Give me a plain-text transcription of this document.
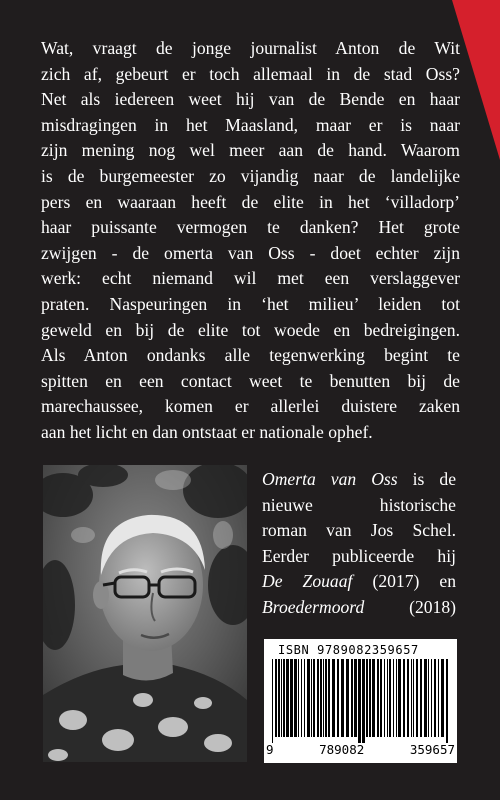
Wat, vraagt de jonge journalist Anton de Wit
zich af, gebeurt er toch allemaal in de stad Oss?
Net als iedereen weet hij van de Bende en haar
misdragingen in het Maasland, maar er is naar
zijn mening nog wel meer aan de hand. Waarom
is de burgemeester zo vijandig naar de landelijke
pers en waaraan heeft de elite in het ‘villadorp’
haar puissante vermogen te danken? Het grote
zwijgen - de omerta van Oss - doet echter zijn
werk: echt niemand wil met een verslaggever
praten. Naspeuringen in ‘het milieu’ leiden tot
geweld en bij de elite tot woede en bedreigingen.
Als Anton ondanks alle tegenwerking begint te
spitten en een contact weet te benutten bij de
marechaussee, komen er allerlei duistere zaken
aan het licht en dan ontstaat er nationale ophef.
Omerta van Oss is de
nieuwe historische
roman van Jos Schel.
Eerder publiceerde hij
De Zouaaf (2017) en
Broedermoord (2018)
ISBN 9789082359657
9	789082	359657
